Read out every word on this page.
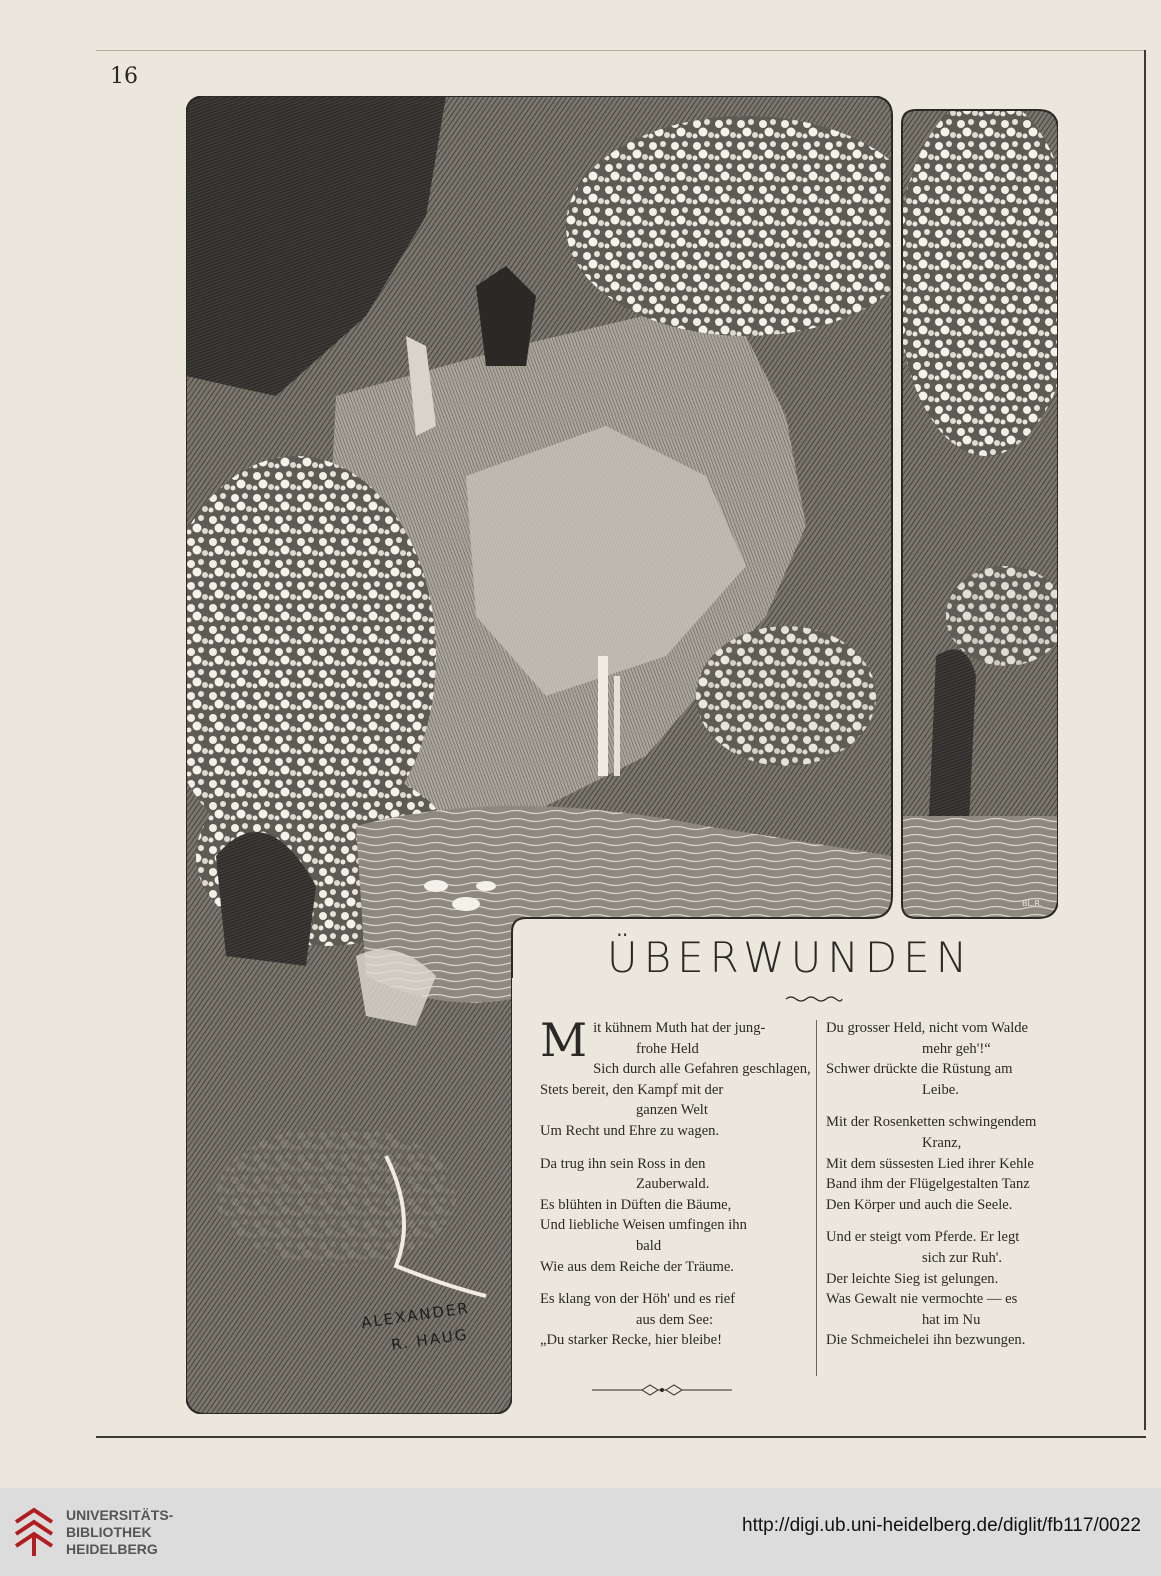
16
ALEXANDER
R. HAUG
BL.R.
ÜBERWUNDEN
Mit kühnem Muth hat der jung-
frohe Held
Sich durch alle Gefahren geschlagen,
Stets bereit, den Kampf mit der
ganzen Welt
Um Recht und Ehre zu wagen.
Da trug ihn sein Ross in den
Zauberwald.
Es blühten in Düften die Bäume,
Und liebliche Weisen umfingen ihn
bald
Wie aus dem Reiche der Träume.
Es klang von der Höh' und es rief
aus dem See:
„Du starker Recke, hier bleibe!
Du grosser Held, nicht vom Walde
mehr geh'!“
Schwer drückte die Rüstung am
Leibe.
Mit der Rosenketten schwingendem
Kranz,
Mit dem süssesten Lied ihrer Kehle
Band ihm der Flügelgestalten Tanz
Den Körper und auch die Seele.
Und er steigt vom Pferde. Er legt
sich zur Ruh'.
Der leichte Sieg ist gelungen.
Was Gewalt nie vermochte — es
hat im Nu
Die Schmeichelei ihn bezwungen.
UNIVERSITÄTS-
BIBLIOTHEK
HEIDELBERG
http://digi.ub.uni-heidelberg.de/diglit/fb117/0022
